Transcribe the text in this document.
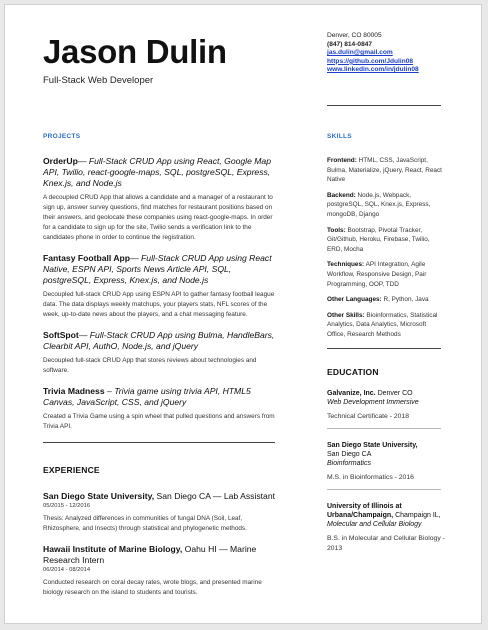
Jason Dulin
Full-Stack Web Developer
Denver, CO 80005
(847) 814-0847
jas.dulin@gmail.com
https://github.com/Jdulin08
www.linkedin.com/in/jdulin08
PROJECTS
OrderUp— Full-Stack CRUD App using React, Google Map API, Twilio, react-google-maps, SQL, postgreSQL, Express, Knex.js, and Node.js
A decoupled CRUD App that allows a candidate and a manager of a restaurant to sign up, answer survey questions, find matches for restaurant positions based on their answers, and geolocate these companies using react-google-maps. In order for a candidate to sign up for the site, Twilio sends a verification link to the candidates phone in order to continue the registration.
Fantasy Football App— Full-Stack CRUD App using React Native, ESPN API, Sports News Article API, SQL, postgreSQL, Express, Knex.js, and Node.js
Decoupled full-stack CRUD App using ESPN API to gather fantasy football league data. The data displays weekly matchups, your players stats, NFL scores of the week, up-to-date news about the players, and a chat messaging feature.
SoftSpot— Full-Stack CRUD App using Bulma, HandleBars, Clearbit API, AuthO, Node.js, and jQuery
Decoupled full-stack CRUD App that stores reviews about technologies and software.
Trivia Madness – Trivia game using trivia API, HTML5 Canvas, JavaScript, CSS, and jQuery
Created a Trivia Game using a spin wheel that pulled questions and answers from Trivia API.
EXPERIENCE
San Diego State University, San Diego CA — Lab Assistant
05/2015 - 12/2016
Thesis: Analyzed differences in communities of fungal DNA (Soil, Leaf, Rhizosphere, and Insects) through statistical and phylogenetic methods.
Hawaii Institute of Marine Biology, Oahu HI — Marine Research Intern
06/2014 - 08/2014
Conducted research on coral decay rates, wrote blogs, and presented marine biology research on the island to students and tourists.
SKILLS
Frontend: HTML, CSS, JavaScript, Bulma, Materialize, jQuery, React, React Native
Backend: Node.js, Webpack, postgreSQL, SQL, Knex.js, Express, mongoDB, Django
Tools: Bootstrap, Pivotal Tracker, Git/Github, Heroku, Firebase, Twilio, ERD, Mocha
Techniques: API Integration, Agile Workflow, Responsive Design, Pair Programming, OOP, TDD
Other Languages: R, Python, Java
Other Skills: Bioinformatics, Statistical Analytics, Data Analytics, Microsoft Office, Research Methods
EDUCATION
Galvanize, Inc. Denver CO
Web Development Immersive
Technical Certificate - 2018
San Diego State University,
San Diego CA
Bioinformatics
M.S. in Bioinformatics - 2016
University of Illinois at Urbana/Champaign, Champaign IL, Molecular and Cellular Biology
B.S. in Molecular and Cellular Biology - 2013
